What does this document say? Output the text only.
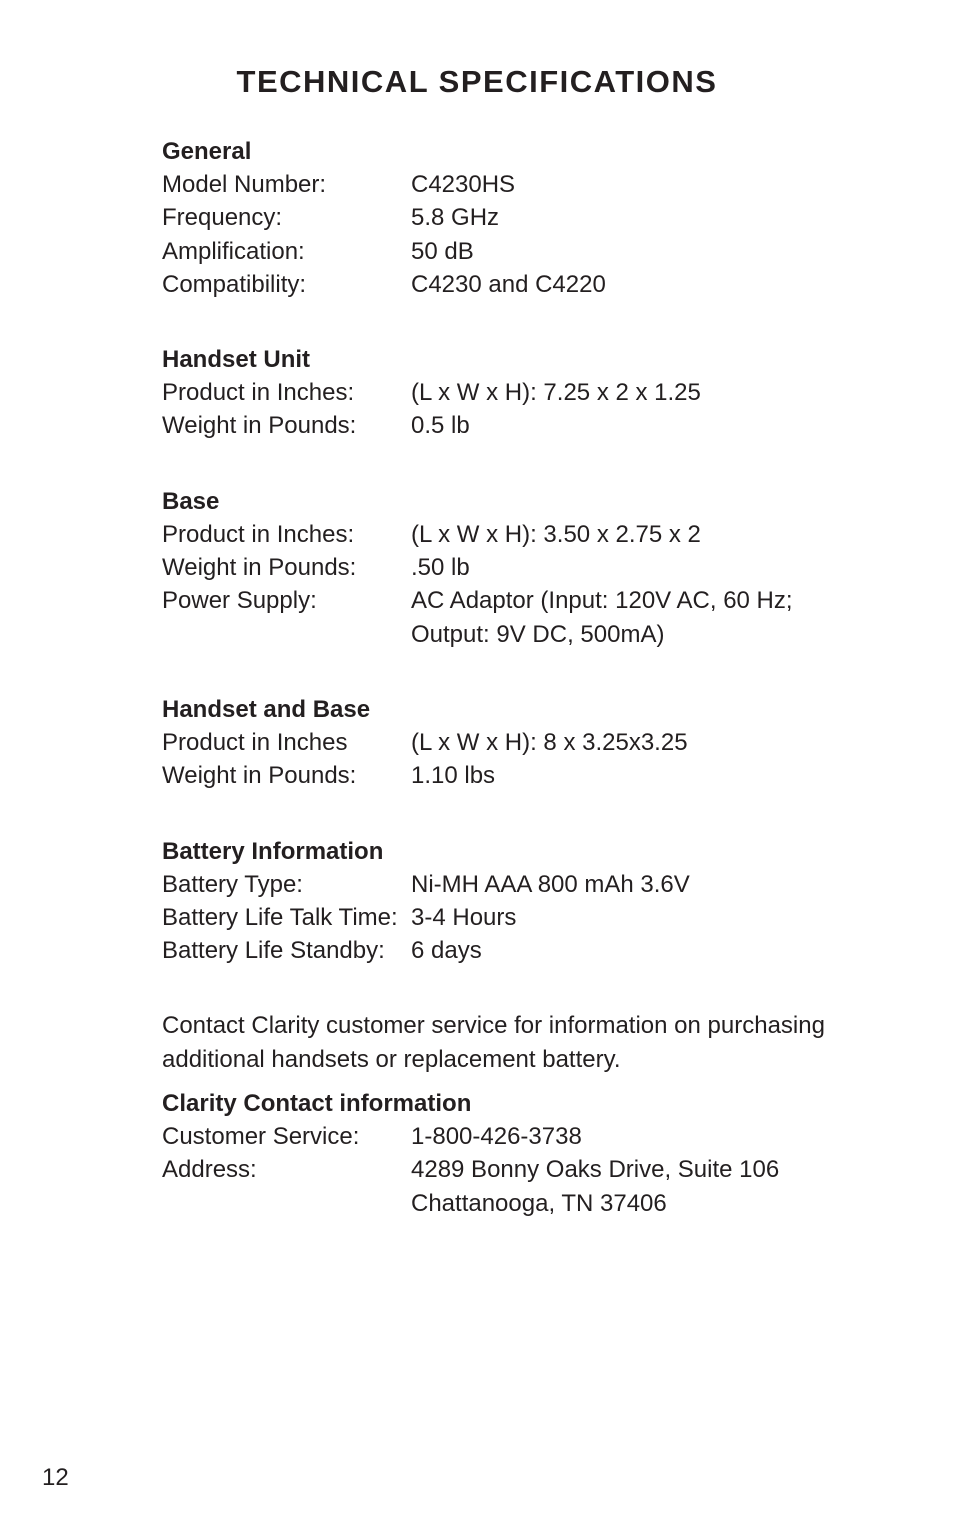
TECHNICAL SPECIFICATIONS
General
Model Number:	C4230HS
Frequency:	5.8 GHz
Amplification:	50 dB
Compatibility:	C4230 and C4220
Handset Unit
Product in Inches:	(L x W x H): 7.25 x 2 x 1.25
Weight in Pounds:	0.5 lb
Base
Product in Inches:	(L x W x H): 3.50 x 2.75 x 2
Weight in Pounds:	.50 lb
Power Supply:	AC Adaptor (Input: 120V AC, 60 Hz;
Output: 9V DC, 500mA)
Handset and Base
Product in Inches	(L x W x H): 8 x 3.25x3.25
Weight in Pounds:	1.10 lbs
Battery Information
Battery Type:	Ni-MH AAA 800 mAh 3.6V
Battery Life Talk Time: 3-4 Hours
Battery Life Standby:	6 days

Contact Clarity customer service for information on purchasing additional handsets or replacement battery.

Clarity Contact information
Customer Service:	1-800-426-3738
Address:	4289 Bonny Oaks Drive, Suite 106
Chattanooga, TN 37406
12
